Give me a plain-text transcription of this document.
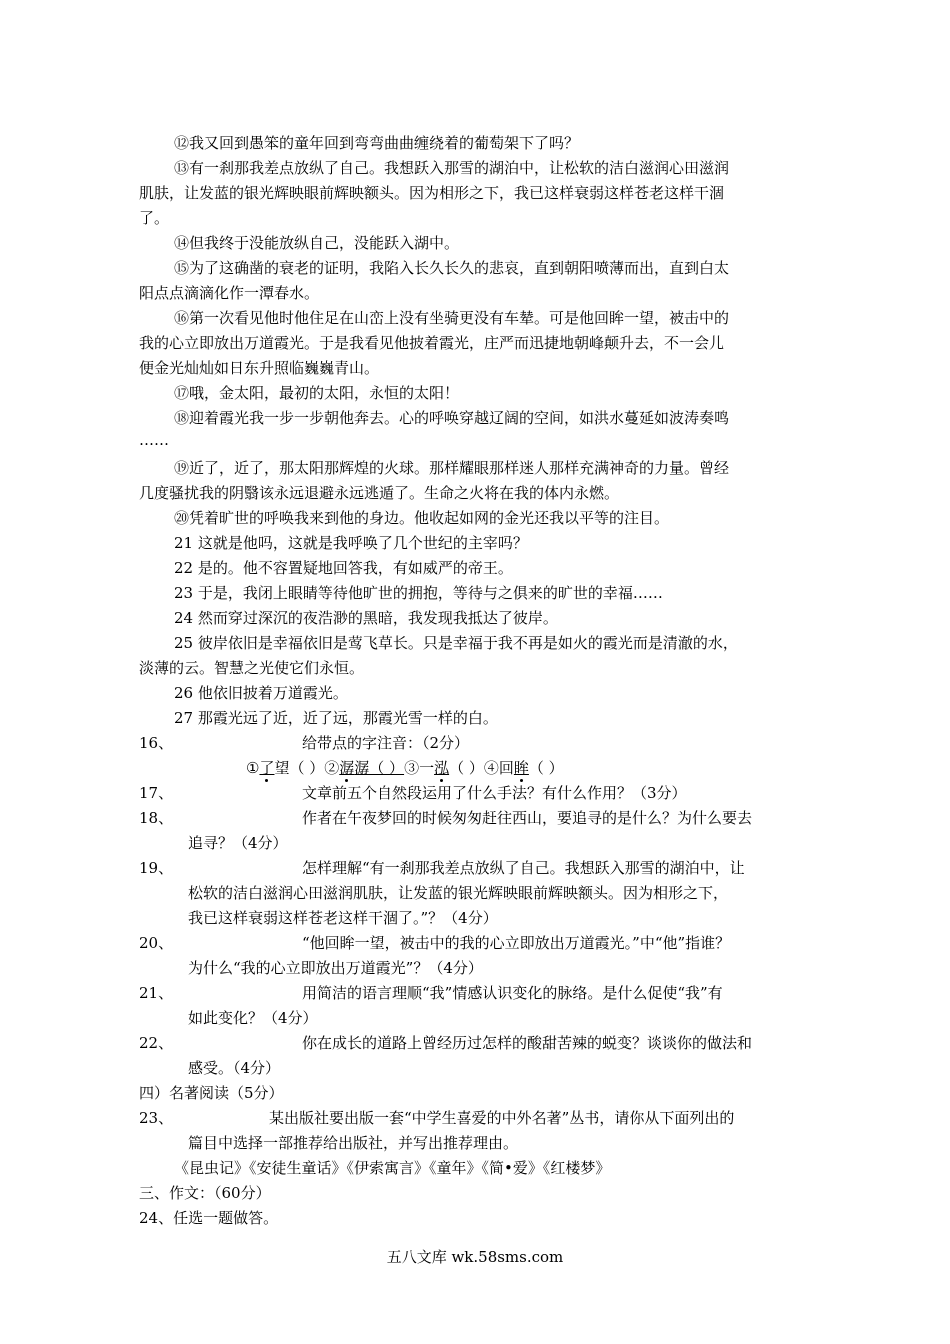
⑫我又回到愚笨的童年回到弯弯曲曲缠绕着的葡萄架下了吗？
⑬有一刹那我差点放纵了自己。我想跃入那雪的湖泊中，让松软的洁白滋润心田滋润
肌肤，让发蓝的银光辉映眼前辉映额头。因为相形之下，我已这样衰弱这样苍老这样干涸
了。
⑭但我终于没能放纵自己，没能跃入湖中。
⑮为了这确凿的衰老的证明，我陷入长久长久的悲哀，直到朝阳喷薄而出，直到白太
阳点点滴滴化作一潭春水。
⑯第一次看见他时他住足在山峦上没有坐骑更没有车辇。可是他回眸一望，被击中的
我的心立即放出万道霞光。于是我看见他披着霞光，庄严而迅捷地朝峰颠升去，不一会儿
便金光灿灿如日东升照临巍巍青山。
⑰哦，金太阳，最初的太阳，永恒的太阳！
⑱迎着霞光我一步一步朝他奔去。心的呼唤穿越辽阔的空间，如洪水蔓延如波涛奏鸣
……
⑲近了，近了，那太阳那辉煌的火球。那样耀眼那样迷人那样充满神奇的力量。曾经
几度骚扰我的阴翳该永远退避永远逃遁了。生命之火将在我的体内永燃。
⑳凭着旷世的呼唤我来到他的身边。他收起如网的金光还我以平等的注目。
21 这就是他吗，这就是我呼唤了几个世纪的主宰吗？
22 是的。他不容置疑地回答我，有如威严的帝王。
23 于是，我闭上眼睛等待他旷世的拥抱，等待与之俱来的旷世的幸福……
24 然而穿过深沉的夜浩渺的黑暗，我发现我抵达了彼岸。
25 彼岸依旧是幸福依旧是莺飞草长。只是幸福于我不再是如火的霞光而是清澈的水，
淡薄的云。智慧之光使它们永恒。
26 他依旧披着万道霞光。
27 那霞光远了近，近了远，那霞光雪一样的白。
16、	给带点的字注音：（2分）
①了望（ ）②潺潺（ ）③一泓（ ）④回眸（ ）
17、	文章前五个自然段运用了什么手法？有什么作用？（3分）
18、	作者在午夜梦回的时候匆匆赶往西山，要追寻的是什么？为什么要去
追寻？（4分）
19、	怎样理解“有一刹那我差点放纵了自己。我想跃入那雪的湖泊中，让
松软的洁白滋润心田滋润肌肤，让发蓝的银光辉映眼前辉映额头。因为相形之下，
我已这样衰弱这样苍老这样干涸了。”？（4分）
20、	“他回眸一望，被击中的我的心立即放出万道霞光。”中“他”指谁？
为什么“我的心立即放出万道霞光”？（4分）
21、	用简洁的语言理顺“我”情感认识变化的脉络。是什么促使“我”有
如此变化？（4分）
22、	你在成长的道路上曾经历过怎样的酸甜苦辣的蜕变？谈谈你的做法和
感受。（4分）
四）名著阅读（5分）
23、	某出版社要出版一套“中学生喜爱的中外名著”丛书，请你从下面列出的
篇目中选择一部推荐给出版社，并写出推荐理由。
《昆虫记》《安徒生童话》《伊索寓言》《童年》《简•爱》《红楼梦》
三、作文：（60分）
24、任选一题做答。
五八文库 wk.58sms.com
